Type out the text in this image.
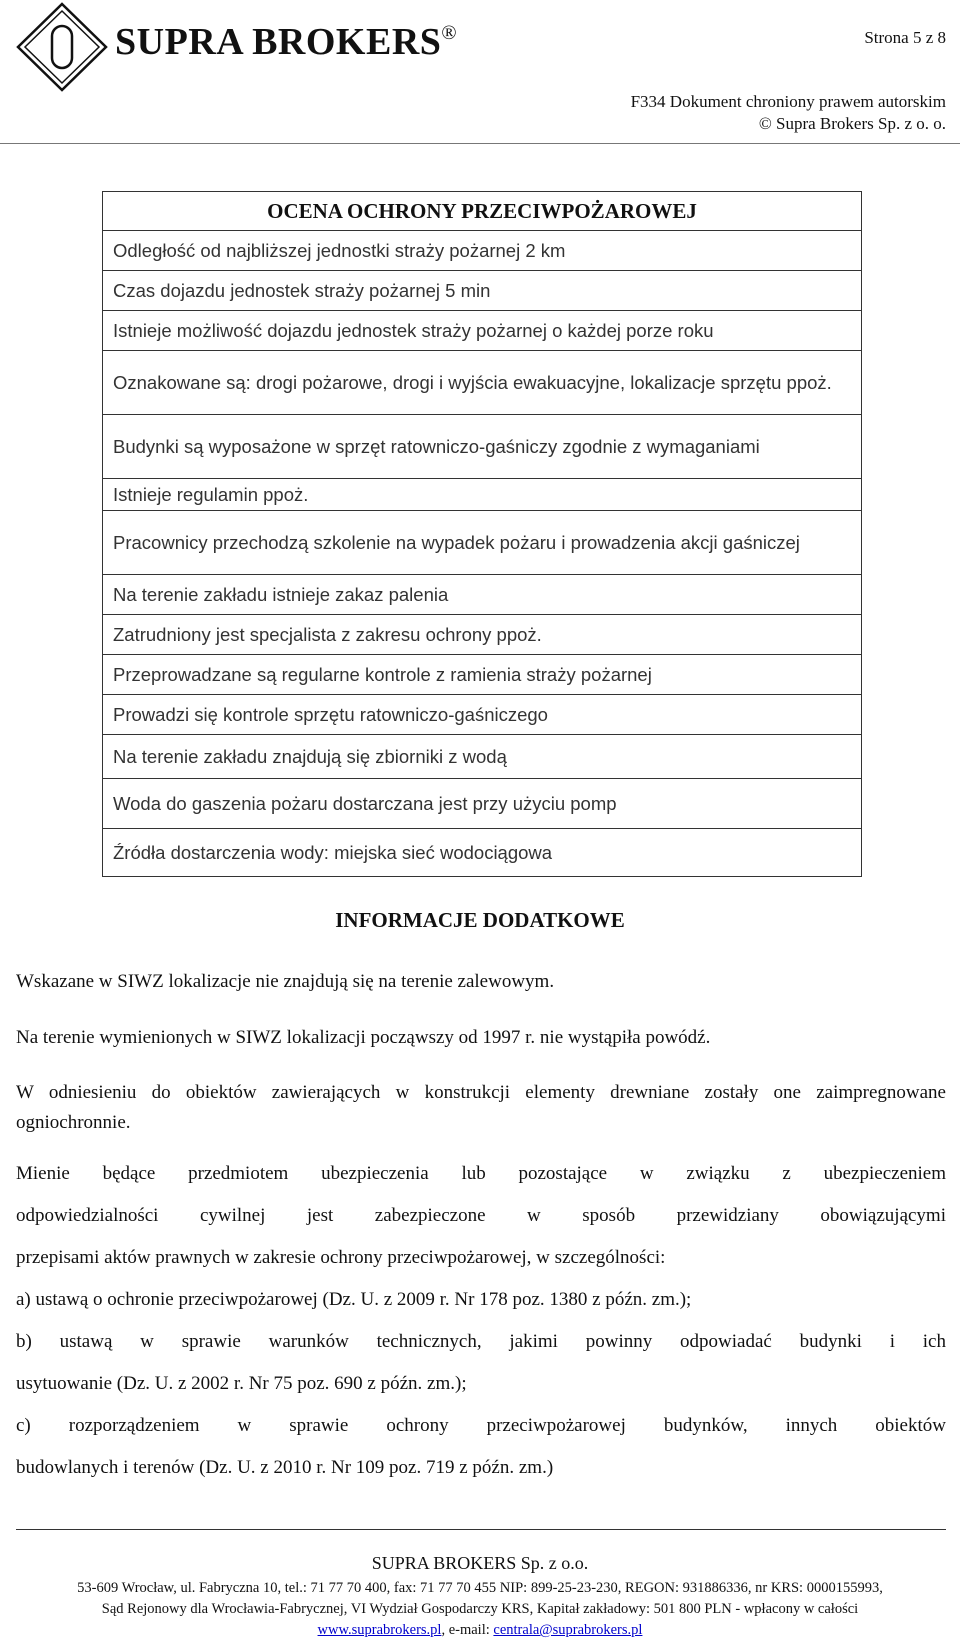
SUPRA BROKERS®	Strona 5 z 8
F334 Dokument chroniony prawem autorskim
© Supra Brokers Sp. z o. o.
OCENA OCHRONY PRZECIWPOŻAROWEJ
Odległość od najbliższej jednostki straży pożarnej 2 km
Czas dojazdu jednostek straży pożarnej 5 min
Istnieje możliwość dojazdu jednostek straży pożarnej o każdej porze roku
Oznakowane są: drogi pożarowe, drogi i wyjścia ewakuacyjne, lokalizacje sprzętu ppoż.
Budynki są wyposażone w sprzęt ratowniczo-gaśniczy zgodnie z wymaganiami
Istnieje regulamin ppoż.
Pracownicy przechodzą szkolenie na wypadek pożaru i prowadzenia akcji gaśniczej
Na terenie zakładu istnieje zakaz palenia
Zatrudniony jest specjalista z zakresu ochrony ppoż.
Przeprowadzane są regularne kontrole z ramienia straży pożarnej
Prowadzi się kontrole sprzętu ratowniczo-gaśniczego
Na terenie zakładu znajdują się zbiorniki z wodą
Woda do gaszenia pożaru dostarczana jest przy użyciu pomp
Źródła dostarczenia wody: miejska sieć wodociągowa
INFORMACJE DODATKOWE
Wskazane w SIWZ lokalizacje nie znajdują się na terenie zalewowym.
Na terenie wymienionych w SIWZ lokalizacji począwszy od 1997 r. nie wystąpiła powódź.
W odniesieniu do obiektów zawierających w konstrukcji elementy drewniane zostały one zaimpregnowane ogniochronnie.
Mienie będące przedmiotem ubezpieczenia lub pozostające w związku z ubezpieczeniem
odpowiedzialności cywilnej jest zabezpieczone w sposób przewidziany obowiązującymi
przepisami aktów prawnych w zakresie ochrony przeciwpożarowej, w szczególności:
a) ustawą o ochronie przeciwpożarowej (Dz. U. z 2009 r. Nr 178 poz. 1380 z późn. zm.);
b) ustawą w sprawie warunków technicznych, jakimi powinny odpowiadać budynki i ich
usytuowanie (Dz. U. z 2002 r. Nr 75 poz. 690 z późn. zm.);
c) rozporządzeniem w sprawie ochrony przeciwpożarowej budynków, innych obiektów
budowlanych i terenów (Dz. U. z 2010 r. Nr 109 poz. 719 z późn. zm.)
SUPRA BROKERS Sp. z o.o.
53-609 Wrocław, ul. Fabryczna 10, tel.: 71 77 70 400, fax: 71 77 70 455 NIP: 899-25-23-230, REGON: 931886336, nr KRS: 0000155993,
Sąd Rejonowy dla Wrocławia-Fabrycznej, VI Wydział Gospodarczy KRS, Kapitał zakładowy: 501 800 PLN - wpłacony w całości
www.suprabrokers.pl, e-mail: centrala@suprabrokers.pl
